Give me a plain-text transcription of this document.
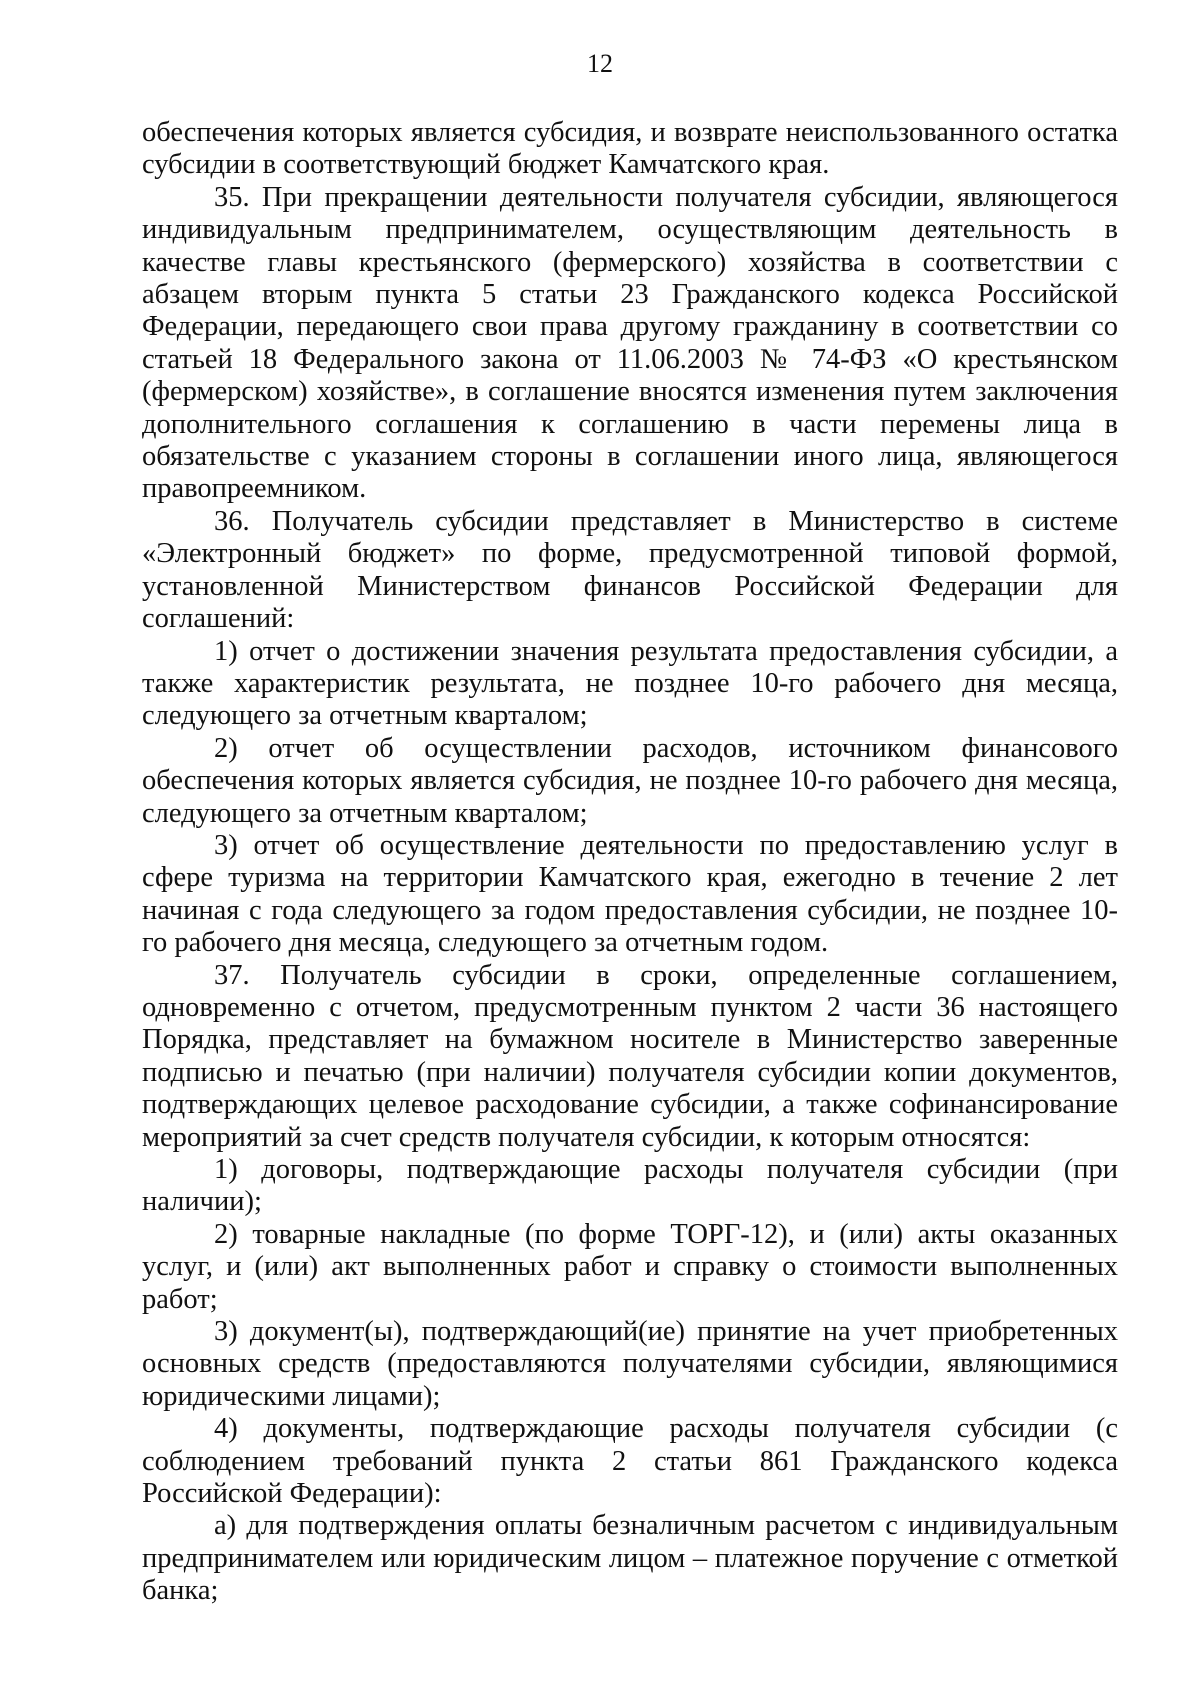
12

обеспечения которых является субсидия, и возврате неиспользованного остатка субсидии в соответствующий бюджет Камчатского края.

35. При прекращении деятельности получателя субсидии, являющегося индивидуальным предпринимателем, осуществляющим деятельность в качестве главы крестьянского (фермерского) хозяйства в соответствии с абзацем вторым пункта 5 статьи 23 Гражданского кодекса Российской Федерации, передающего свои права другому гражданину в соответствии со статьей 18 Федерального закона от 11.06.2003 № 74-ФЗ «О крестьянском (фермерском) хозяйстве», в соглашение вносятся изменения путем заключения дополнительного соглашения к соглашению в части перемены лица в обязательстве с указанием стороны в соглашении иного лица, являющегося правопреемником.

36. Получатель субсидии представляет в Министерство в системе «Электронный бюджет» по форме, предусмотренной типовой формой, установленной Министерством финансов Российской Федерации для соглашений:

1) отчет о достижении значения результата предоставления субсидии, а также характеристик результата, не позднее 10-го рабочего дня месяца, следующего за отчетным кварталом;

2) отчет об осуществлении расходов, источником финансового обеспечения которых является субсидия, не позднее 10-го рабочего дня месяца, следующего за отчетным кварталом;

3) отчет об осуществление деятельности по предоставлению услуг в сфере туризма на территории Камчатского края, ежегодно в течение 2 лет начиная с года следующего за годом предоставления субсидии, не позднее 10-го рабочего дня месяца, следующего за отчетным годом.

37. Получатель субсидии в сроки, определенные соглашением, одновременно с отчетом, предусмотренным пунктом 2 части 36 настоящего Порядка, представляет на бумажном носителе в Министерство заверенные подписью и печатью (при наличии) получателя субсидии копии документов, подтверждающих целевое расходование субсидии, а также софинансирование мероприятий за счет средств получателя субсидии, к которым относятся:

1) договоры, подтверждающие расходы получателя субсидии (при наличии);

2) товарные накладные (по форме ТОРГ-12), и (или) акты оказанных услуг, и (или) акт выполненных работ и справку о стоимости выполненных работ;

3) документ(ы), подтверждающий(ие) принятие на учет приобретенных основных средств (предоставляются получателями субсидии, являющимися юридическими лицами);

4) документы, подтверждающие расходы получателя субсидии (с соблюдением требований пункта 2 статьи 861 Гражданского кодекса Российской Федерации):

а) для подтверждения оплаты безналичным расчетом с индивидуальным предпринимателем или юридическим лицом – платежное поручение с отметкой банка;
